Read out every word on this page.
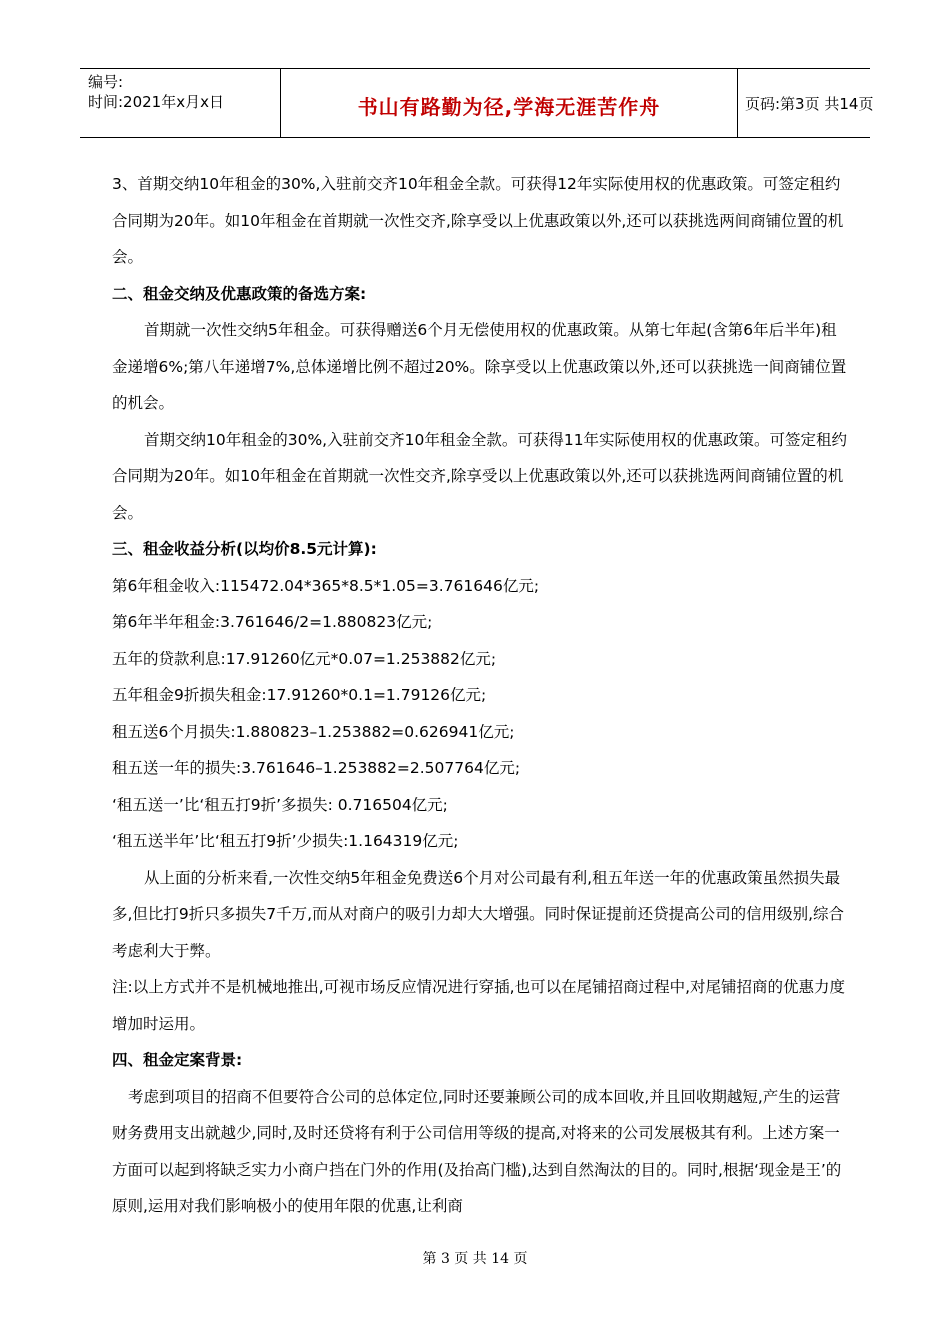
编号:
时间:2021年x月x日	书山有路勤为径,学海无涯苦作舟	页码:第3页 共14页

3、首期交纳10年租金的30%,入驻前交齐10年租金全款。可获得12年实际使用权的优惠政策。可签定租约合同期为20年。如10年租金在首期就一次性交齐,除享受以上优惠政策以外,还可以获挑选两间商铺位置的机会。

二、租金交纳及优惠政策的备选方案:

首期就一次性交纳5年租金。可获得赠送6个月无偿使用权的优惠政策。从第七年起(含第6年后半年)租金递增6%;第八年递增7%,总体递增比例不超过20%。除享受以上优惠政策以外,还可以获挑选一间商铺位置的机会。

首期交纳10年租金的30%,入驻前交齐10年租金全款。可获得11年实际使用权的优惠政策。可签定租约合同期为20年。如10年租金在首期就一次性交齐,除享受以上优惠政策以外,还可以获挑选两间商铺位置的机会。

三、租金收益分析(以均价8.5元计算):

第6年租金收入:115472.04*365*8.5*1.05=3.761646亿元;

第6年半年租金:3.761646/2=1.880823亿元;

五年的贷款利息:17.91260亿元*0.07=1.253882亿元;

五年租金9折损失租金:17.91260*0.1=1.79126亿元;

租五送6个月损失:1.880823–1.253882=0.626941亿元;

租五送一年的损失:3.761646–1.253882=2.507764亿元;

‘租五送一’比‘租五打9折’多损失: 0.716504亿元;

‘租五送半年’比‘租五打9折’少损失:1.164319亿元;

从上面的分析来看,一次性交纳5年租金免费送6个月对公司最有利,租五年送一年的优惠政策虽然损失最多,但比打9折只多损失7千万,而从对商户的吸引力却大大增强。同时保证提前还贷提高公司的信用级别,综合考虑利大于弊。

注:以上方式并不是机械地推出,可视市场反应情况进行穿插,也可以在尾铺招商过程中,对尾铺招商的优惠力度增加时运用。

四、租金定案背景:

考虑到项目的招商不但要符合公司的总体定位,同时还要兼顾公司的成本回收,并且回收期越短,产生的运营财务费用支出就越少,同时,及时还贷将有利于公司信用等级的提高,对将来的公司发展极其有利。上述方案一方面可以起到将缺乏实力小商户挡在门外的作用(及抬高门槛),达到自然淘汰的目的。同时,根据‘现金是王’的原则,运用对我们影响极小的使用年限的优惠,让利商

第 3 页 共 14 页
